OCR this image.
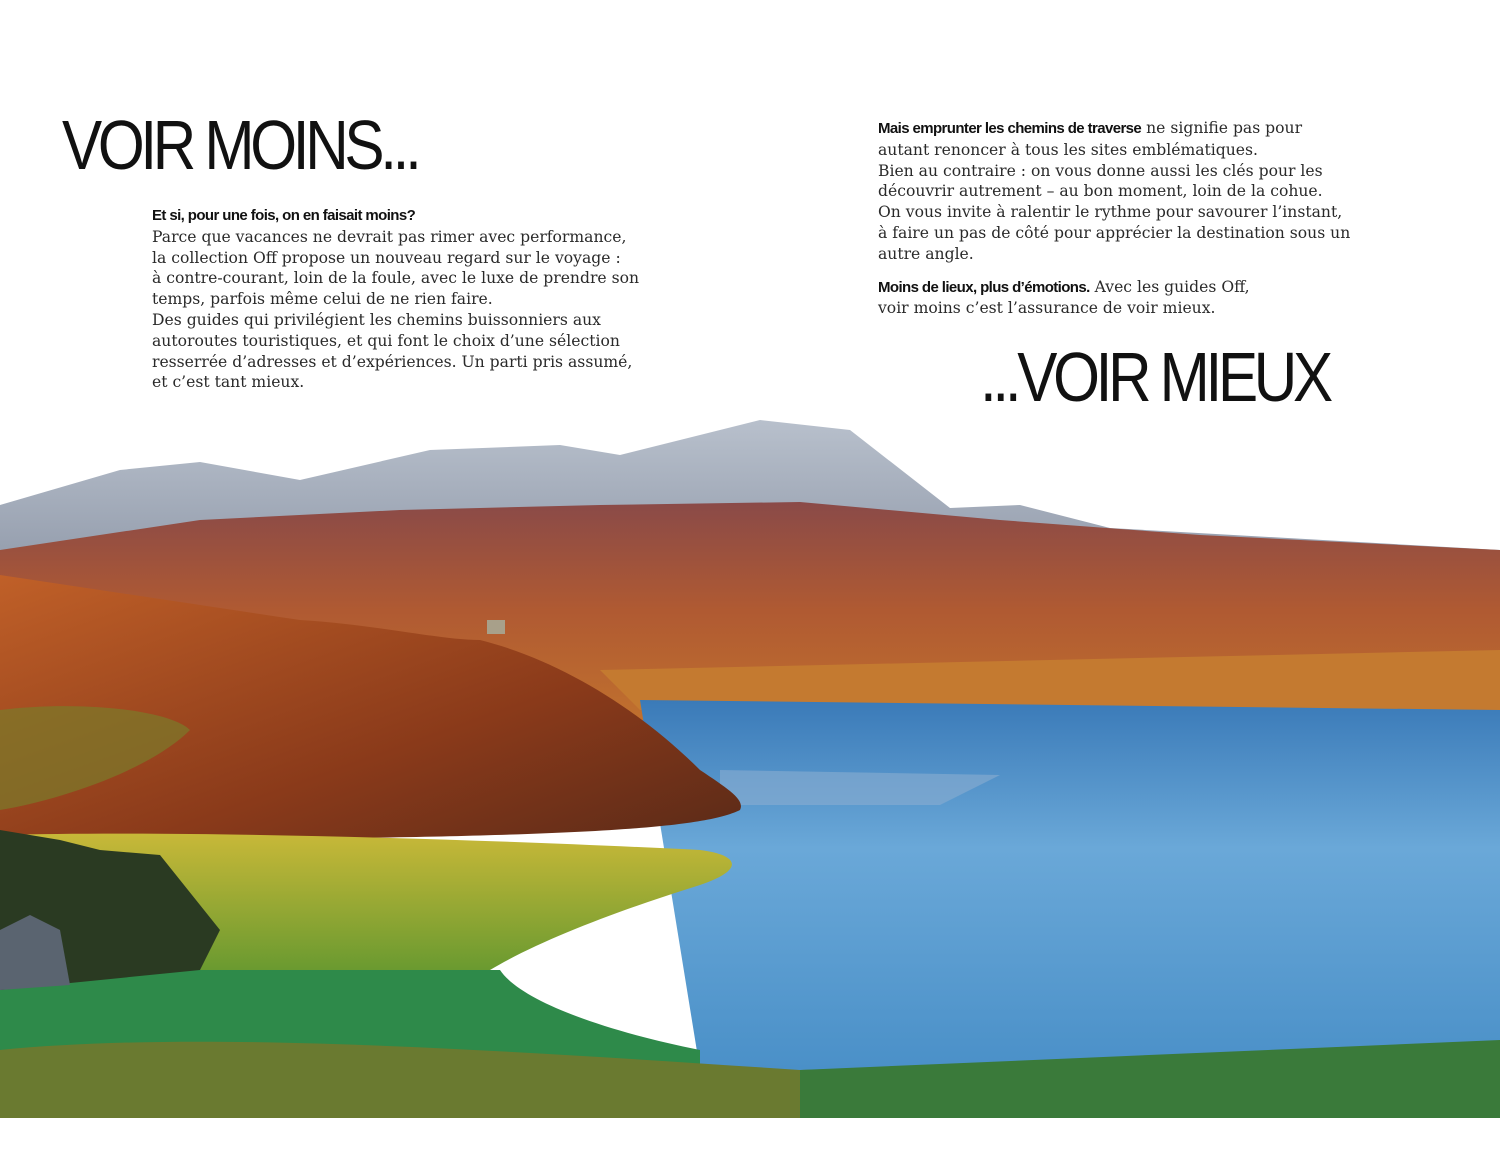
VOIR MOINS...

Et si, pour une fois, on en faisait moins?

Parce que vacances ne devrait pas rimer avec performance,

la collection Off propose un nouveau regard sur le voyage :

à contre-courant, loin de la foule, avec le luxe de prendre son

temps, parfois même celui de ne rien faire.

Des guides qui privilégient les chemins buissonniers aux

autoroutes touristiques, et qui font le choix d’une sélection

resserrée d’adresses et d’expériences. Un parti pris assumé,

et c’est tant mieux.

Mais emprunter les chemins de traverse ne signifie pas pour

autant renoncer à tous les sites emblématiques.

Bien au contraire : on vous donne aussi les clés pour les

découvrir autrement – au bon moment, loin de la cohue.

On vous invite à ralentir le rythme pour savourer l’instant,

à faire un pas de côté pour apprécier la destination sous un

autre angle.

Moins de lieux, plus d’émotions. Avec les guides Off,

voir moins c’est l’assurance de voir mieux.

...VOIR MIEUX
